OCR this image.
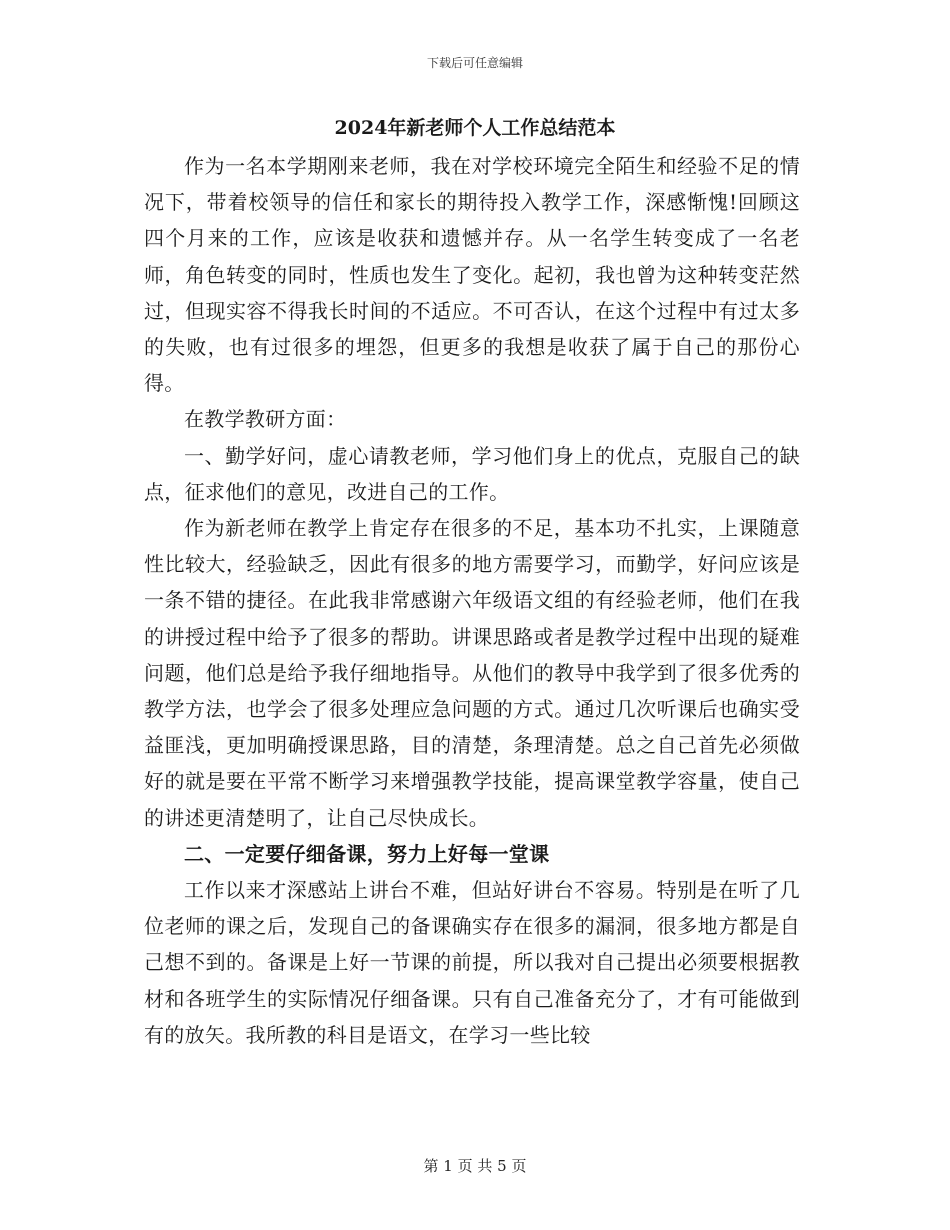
下载后可任意编辑
2024年新老师个人工作总结范本

作为一名本学期刚来老师，我在对学校环境完全陌生和经验不足的情况下，带着校领导的信任和家长的期待投入教学工作，深感惭愧!回顾这四个月来的工作，应该是收获和遗憾并存。从一名学生转变成了一名老师，角色转变的同时，性质也发生了变化。起初，我也曾为这种转变茫然过，但现实容不得我长时间的不适应。不可否认，在这个过程中有过太多的失败，也有过很多的埋怨，但更多的我想是收获了属于自己的那份心得。

在教学教研方面：

一、勤学好问，虚心请教老师，学习他们身上的优点，克服自己的缺点，征求他们的意见，改进自己的工作。

作为新老师在教学上肯定存在很多的不足，基本功不扎实，上课随意性比较大，经验缺乏，因此有很多的地方需要学习，而勤学，好问应该是一条不错的捷径。在此我非常感谢六年级语文组的有经验老师，他们在我的讲授过程中给予了很多的帮助。讲课思路或者是教学过程中出现的疑难问题，他们总是给予我仔细地指导。从他们的教导中我学到了很多优秀的教学方法，也学会了很多处理应急问题的方式。通过几次听课后也确实受益匪浅，更加明确授课思路，目的清楚，条理清楚。总之自己首先必须做好的就是要在平常不断学习来增强教学技能，提高课堂教学容量，使自己的讲述更清楚明了，让自己尽快成长。

二、一定要仔细备课，努力上好每一堂课

工作以来才深感站上讲台不难，但站好讲台不容易。特别是在听了几位老师的课之后，发现自己的备课确实存在很多的漏洞，很多地方都是自己想不到的。备课是上好一节课的前提，所以我对自己提出必须要根据教材和各班学生的实际情况仔细备课。只有自己准备充分了，才有可能做到有的放矢。我所教的科目是语文，在学习一些比较

第 1 页 共 5 页
